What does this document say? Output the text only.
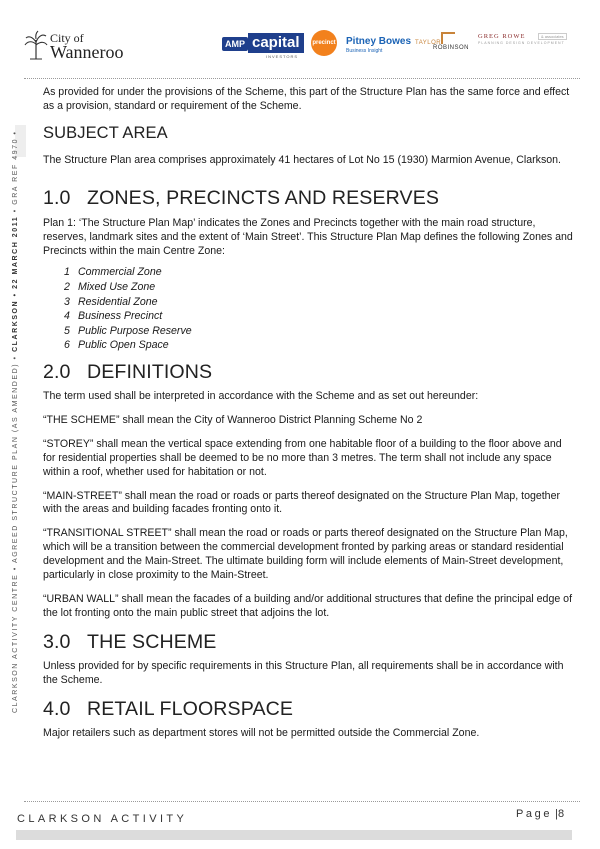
City of
Wanneroo	AMP capital
INVESTORS
precinct Pitney Bowes
Business Insight
TAYLOR
ROBINSON
GREG ROWE	& associates
PLANNING DESIGN DEVELOPMENT
CLARKSON ACTIVITY CENTRE • AGREED STRUCTURE PLAN (AS AMENDED) • CLARKSON • 22 MARCH 2011 • GRA REF 4970 •

As provided for under the provisions of the Scheme, this part of the Structure Plan has the same force and effect as a provision, standard or requirement of the Scheme.

SUBJECT AREA

The Structure Plan area comprises approximately 41 hectares of Lot No 15 (1930) Marmion Avenue, Clarkson.

1.0 ZONES, PRECINCTS AND RESERVES

Plan 1: ‘The Structure Plan Map’ indicates the Zones and Precincts together with the main road structure, reserves, landmark sites and the extent of ‘Main Street’. This Structure Plan Map defines the following Zones and Precincts within the main Centre Zone:

1 Commercial Zone
2 Mixed Use Zone
3 Residential Zone
4 Business Precinct
5 Public Purpose Reserve
6 Public Open Space
2.0 DEFINITIONS

The term used shall be interpreted in accordance with the Scheme and as set out hereunder:

“THE SCHEME” shall mean the City of Wanneroo District Planning Scheme No 2

“STOREY” shall mean the vertical space extending from one habitable floor of a building to the floor above and for residential properties shall be deemed to be no more than 3 metres. The term shall not include any space within a roof, whether used for habitation or not.

“MAIN-STREET” shall mean the road or roads or parts thereof designated on the Structure Plan Map, together with the areas and building facades fronting onto it.

“TRANSITIONAL STREET” shall mean the road or roads or parts thereof designated on the Structure Plan Map, which will be a transition between the commercial development fronted by parking areas or standard residential development and the Main-Street. The ultimate building form will include elements of Main-Street development, particularly in close proximity to the Main-Street.

“URBAN WALL” shall mean the facades of a building and/or additional structures that define the principal edge of the lot fronting onto the main public street that adjoins the lot.

3.0 THE SCHEME

Unless provided for by specific requirements in this Structure Plan, all requirements shall be in accordance with the Scheme.

4.0 RETAIL FLOORSPACE

Major retailers such as department stores will not be permitted outside the Commercial Zone.

CLARKSON ACTIVITY	Page |8
